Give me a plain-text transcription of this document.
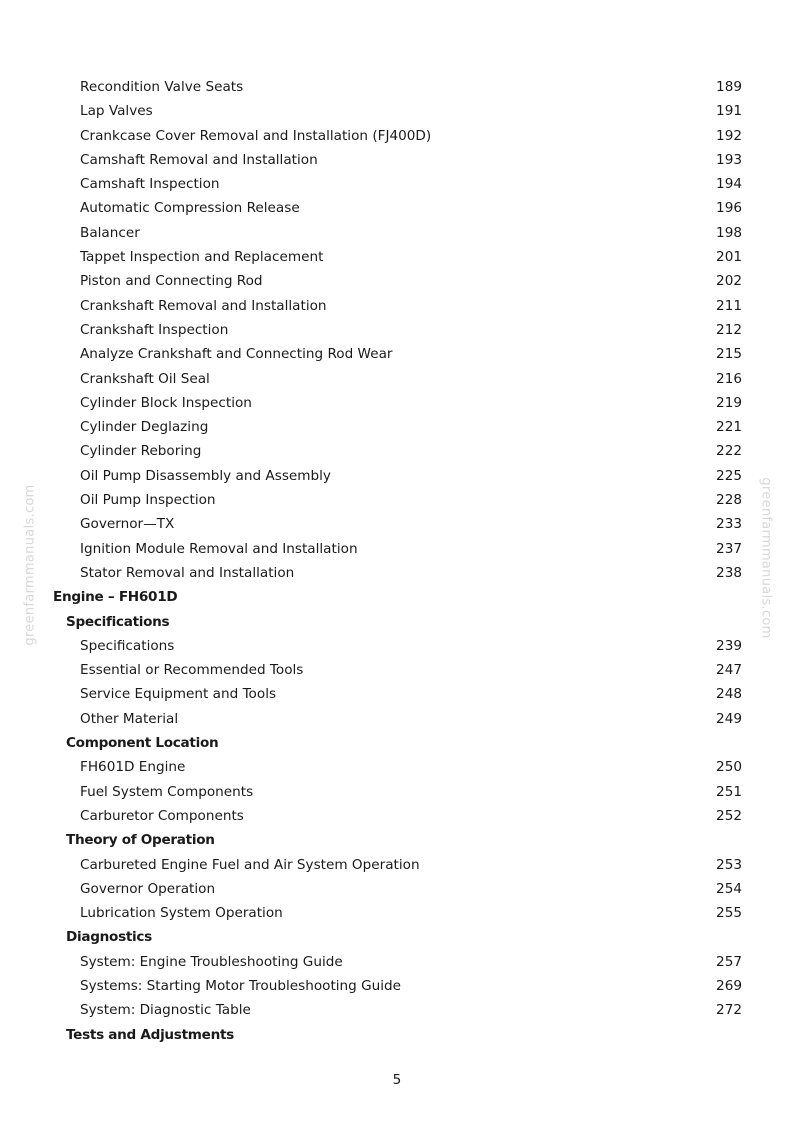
greenfarmmanuals.com	greenfarmmanuals.com
Recondition Valve Seats	189
Lap Valves	191
Crankcase Cover Removal and Installation (FJ400D)	192
Camshaft Removal and Installation	193
Camshaft Inspection	194
Automatic Compression Release	196
Balancer	198
Tappet Inspection and Replacement	201
Piston and Connecting Rod	202
Crankshaft Removal and Installation	211
Crankshaft Inspection	212
Analyze Crankshaft and Connecting Rod Wear	215
Crankshaft Oil Seal	216
Cylinder Block Inspection	219
Cylinder Deglazing	221
Cylinder Reboring	222
Oil Pump Disassembly and Assembly	225
Oil Pump Inspection	228
Governor—TX	233
Ignition Module Removal and Installation	237
Stator Removal and Installation	238
Engine – FH601D
Specifications
Specifications	239
Essential or Recommended Tools	247
Service Equipment and Tools	248
Other Material	249
Component Location
FH601D Engine	250
Fuel System Components	251
Carburetor Components	252
Theory of Operation
Carbureted Engine Fuel and Air System Operation	253
Governor Operation	254
Lubrication System Operation	255
Diagnostics
System: Engine Troubleshooting Guide	257
Systems: Starting Motor Troubleshooting Guide	269
System: Diagnostic Table	272
Tests and Adjustments
5
